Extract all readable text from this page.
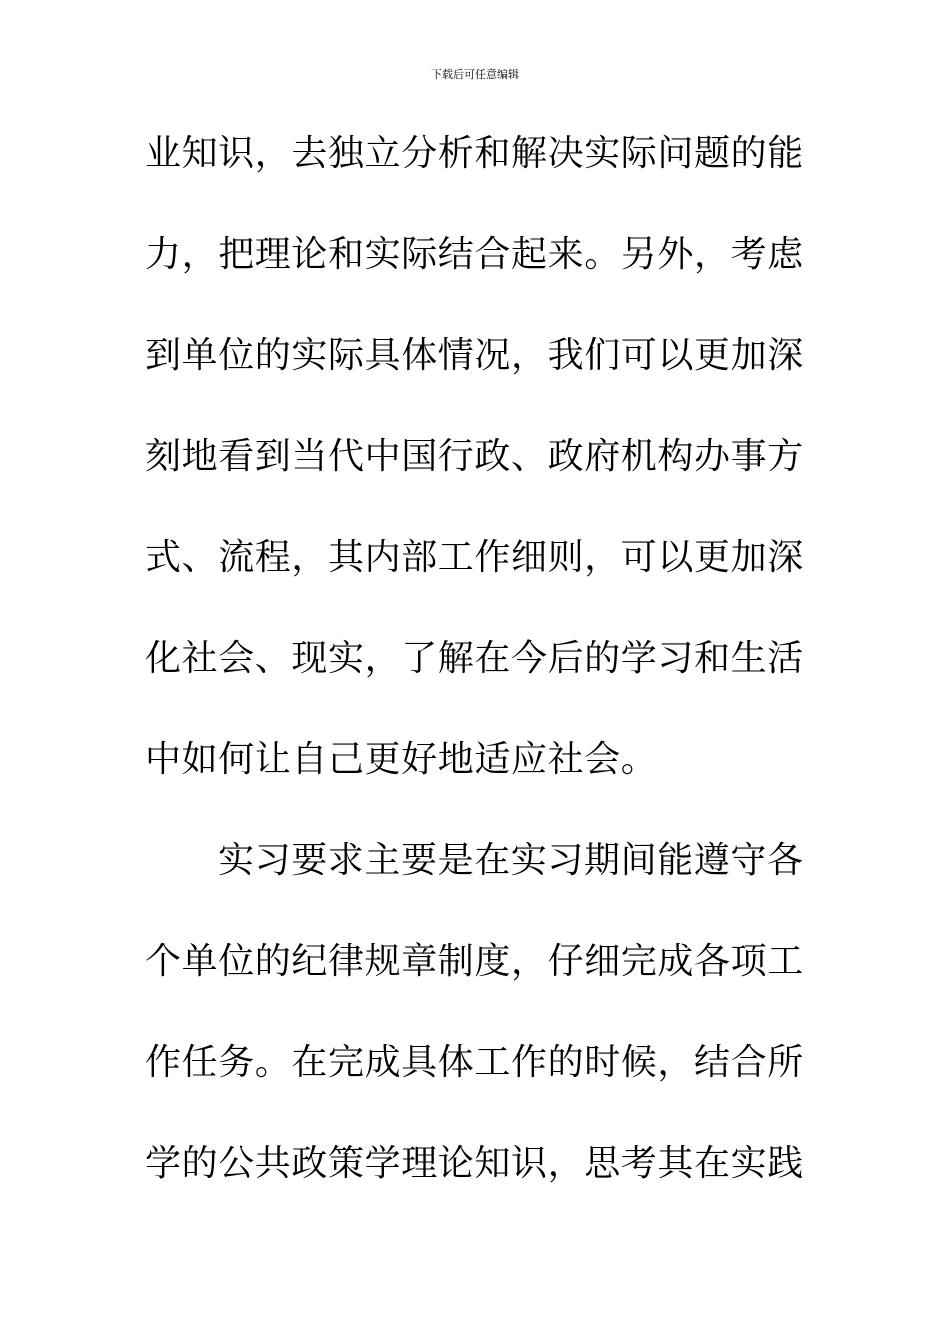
下载后可任意编辑
业知识，去独立分析和解决实际问题的能
力，把理论和实际结合起来。另外，考虑
到单位的实际具体情况，我们可以更加深
刻地看到当代中国行政、政府机构办事方
式、流程，其内部工作细则，可以更加深
化社会、现实，了解在今后的学习和生活
中如何让自己更好地适应社会。
实习要求主要是在实习期间能遵守各
个单位的纪律规章制度，仔细完成各项工
作任务。在完成具体工作的时候，结合所
学的公共政策学理论知识，思考其在实践
